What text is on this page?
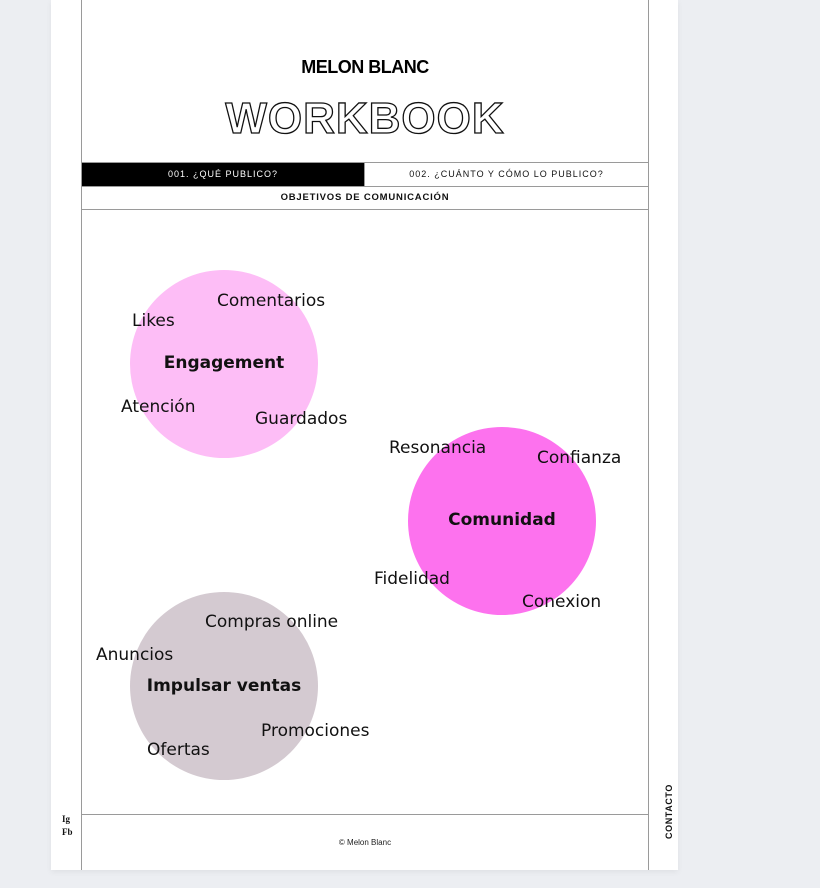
MELON BLANC
WORKBOOK
001. ¿QUÉ PUBLICO?	002. ¿CUÁNTO Y CÓMO LO PUBLICO?
OBJETIVOS DE COMUNICACIÓN
Engagement
Comentarios
Likes
Atención
Guardados
Comunidad
Resonancia	Confianza
Fidelidad
Conexion
Impulsar ventas
Compras online
Anuncios
Promociones
Ofertas
Ig
Fb
© Melon Blanc
CONTACTO
